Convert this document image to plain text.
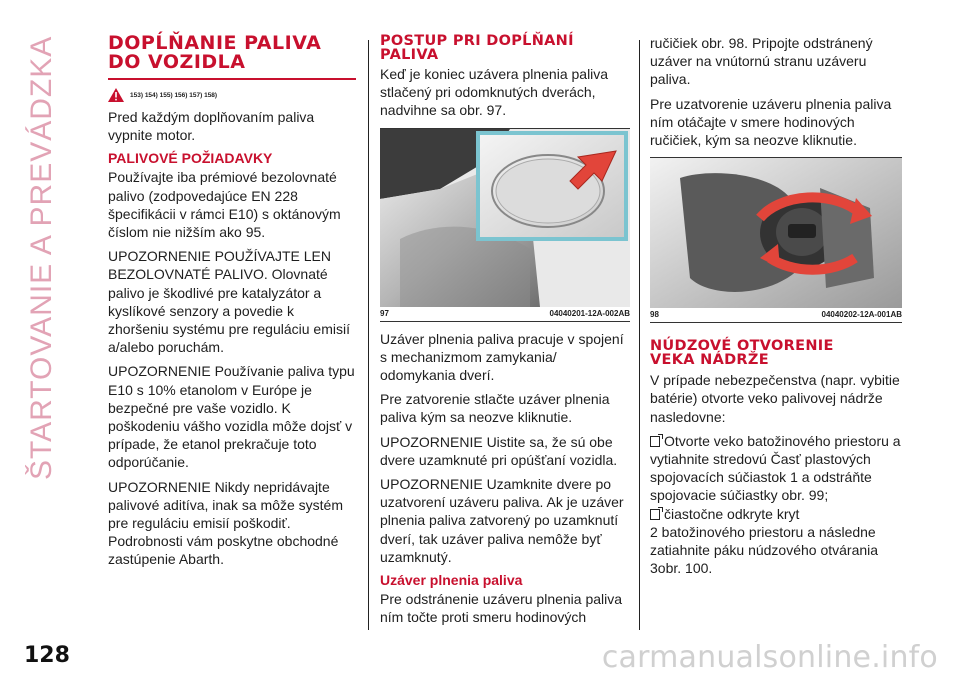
ŠTARTOVANIE A PREVÁDZKA
128
DOPĹŇANIE PALIVA
DO VOZIDLA
153) 154) 155) 156) 157) 158)

Pred každým doplňovaním paliva vypnite motor.

PALIVOVÉ POŽIADAVKY

Používajte iba prémiové bezolovnaté palivo (zodpovedajúce EN 228 špecifikácii v rámci E10) s oktánovým číslom nie nižším ako 95.

UPOZORNENIE POUŽÍVAJTE LEN BEZOLOVNATÉ PALIVO. Olovnaté palivo je škodlivé pre katalyzátor a kyslíkové senzory a povedie k zhoršeniu systému pre reguláciu emisií a/alebo poruchám.

UPOZORNENIE Používanie paliva typu E10 s 10% etanolom v Európe je bezpečné pre vaše vozidlo. K poškodeniu vášho vozidla môže dojsť v prípade, že etanol prekračuje toto odporúčanie.

UPOZORNENIE Nikdy nepridávajte palivové aditíva, inak sa môže systém pre reguláciu emisií poškodiť. Podrobnosti vám poskytne obchodné zastúpenie Abarth.

POSTUP PRI DOPĹŇANÍ
PALIVA

Keď je koniec uzávera plnenia paliva stlačený pri odomknutých dverách, nadvihne sa obr. 97.

97	04040201-12A-002AB

Uzáver plnenia paliva pracuje v spojení s mechanizmom zamykania/ odomykania dverí.

Pre zatvorenie stlačte uzáver plnenia paliva kým sa neozve kliknutie.

UPOZORNENIE Uistite sa, že sú obe dvere uzamknuté pri opúšťaní vozidla.

UPOZORNENIE Uzamknite dvere po uzatvorení uzáveru paliva. Ak je uzáver plnenia paliva zatvorený po uzamknutí dverí, tak uzáver paliva nemôže byť uzamknutý.

Uzáver plnenia paliva

Pre odstránenie uzáveru plnenia paliva ním točte proti smeru hodinových

ručičiek obr. 98. Pripojte odstránený uzáver na vnútornú stranu uzáveru paliva.

Pre uzatvorenie uzáveru plnenia paliva ním otáčajte v smere hodinových ručičiek, kým sa neozve kliknutie.

98	04040202-12A-001AB
NÚDZOVÉ OTVORENIE
VEKA NÁDRŽE

V prípade nebezpečenstva (napr. vybitie batérie) otvorte veko palivovej nádrže nasledovne:

Otvorte veko batožinového priestoru a vytiahnite stredovú Časť plastových spojovacích súčiastok 1 a odstráňte spojovacie súčiastky obr. 99;

čiastočne odkryte kryt

2 batožinového priestoru a následne zatiahnite páku núdzového otvárania 3obr. 100.

carmanualsonline.info
